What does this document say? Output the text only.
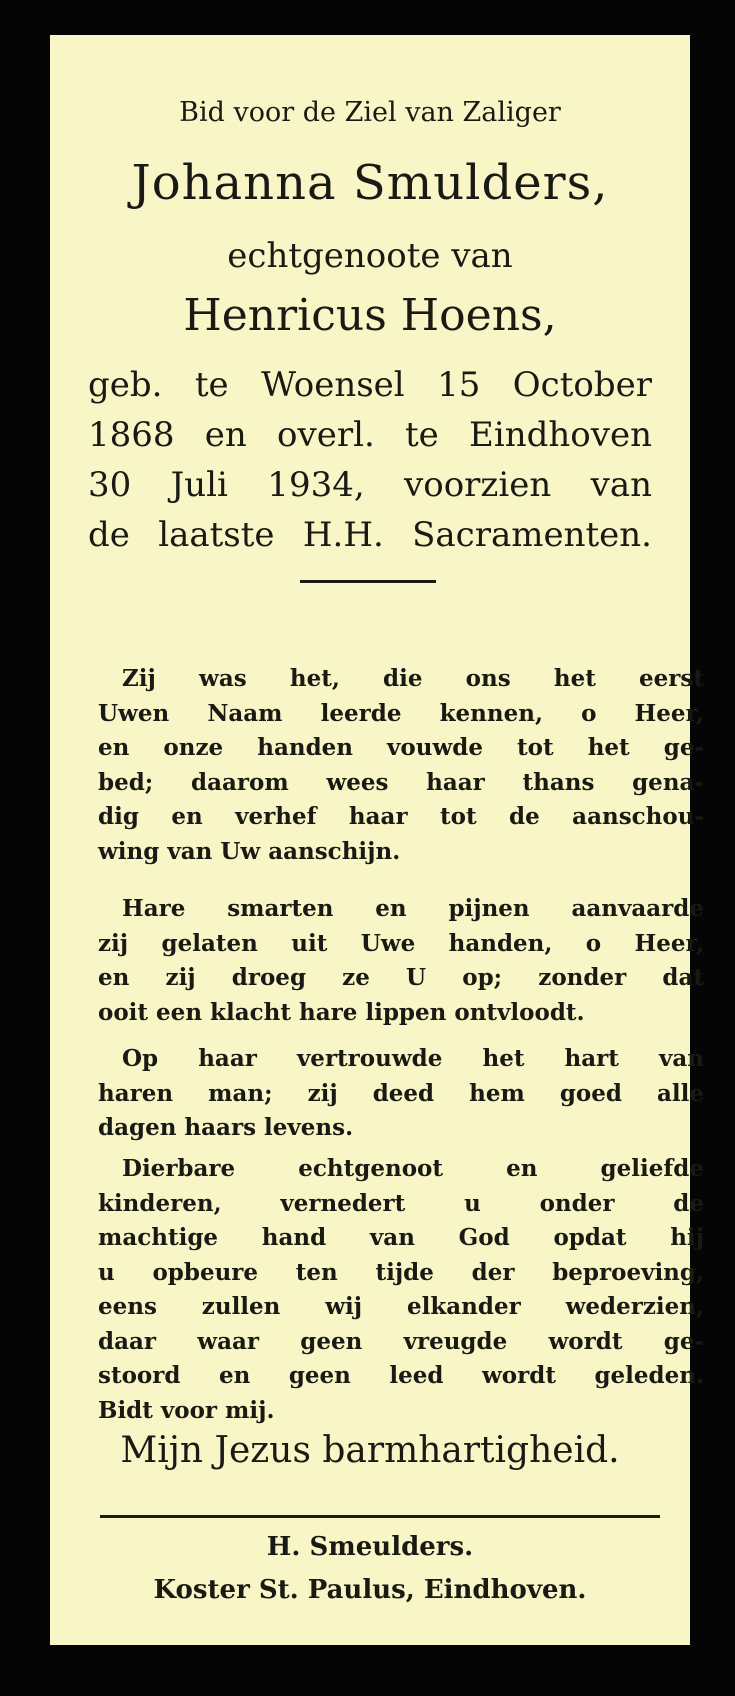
Bid voor de Ziel van Zaliger
Johanna Smulders,
echtgenoote van
Henricus Hoens,
geb. te Woensel 15 October
1868 en overl. te Eindhoven
30 Juli 1934, voorzien van
de laatste H.H. Sacramenten.
Zij was het, die ons het eerst
Uwen Naam leerde kennen, o Heer,
en onze handen vouwde tot het ge-
bed; daarom wees haar thans gena-
dig en verhef haar tot de aanschou-
wing van Uw aanschijn.
Hare smarten en pijnen aanvaarde
zij gelaten uit Uwe handen, o Heer,
en zij droeg ze U op; zonder dat
ooit een klacht hare lippen ontvloodt.
Op haar vertrouwde het hart van
haren man; zij deed hem goed alle
dagen haars levens.
Dierbare echtgenoot en geliefde
kinderen, vernedert u onder de
machtige hand van God opdat hij
u opbeure ten tijde der beproeving,
eens zullen wij elkander wederzien,
daar waar geen vreugde wordt ge-
stoord en geen leed wordt geleden.
Bidt voor mij.
Mijn Jezus barmhartigheid.
H. Smeulders.
Koster St. Paulus, Eindhoven.
